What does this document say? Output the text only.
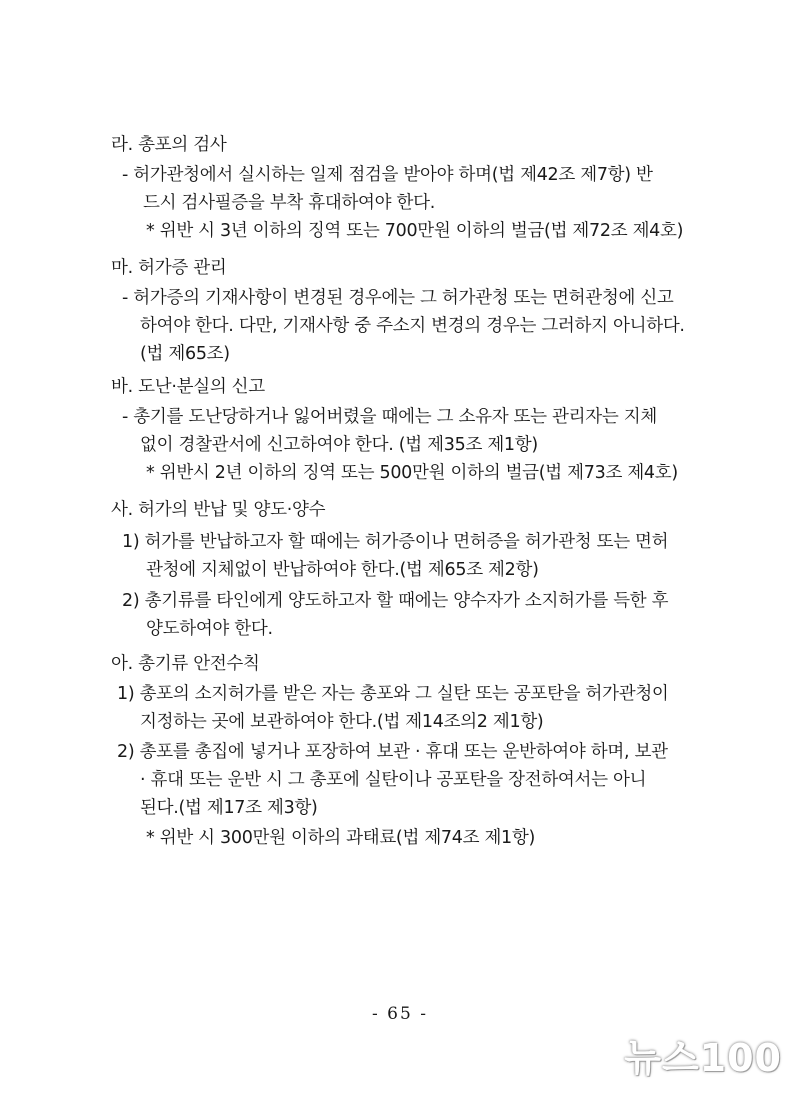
라. 총포의 검사
- 허가관청에서 실시하는 일제 점검을 받아야 하며(법 제42조 제7항) 반
드시 검사필증을 부착 휴대하여야 한다.
* 위반 시 3년 이하의 징역 또는 700만원 이하의 벌금(법 제72조 제4호)
마. 허가증 관리
- 허가증의 기재사항이 변경된 경우에는 그 허가관청 또는 면허관청에 신고
하여야 한다. 다만, 기재사항 중 주소지 변경의 경우는 그러하지 아니하다.
(법 제65조)
바. 도난·분실의 신고
- 총기를 도난당하거나 잃어버렸을 때에는 그 소유자 또는 관리자는 지체
없이 경찰관서에 신고하여야 한다. (법 제35조 제1항)
* 위반시 2년 이하의 징역 또는 500만원 이하의 벌금(법 제73조 제4호)
사. 허가의 반납 및 양도·양수
1) 허가를 반납하고자 할 때에는 허가증이나 면허증을 허가관청 또는 면허
관청에 지체없이 반납하여야 한다.(법 제65조 제2항)
2) 총기류를 타인에게 양도하고자 할 때에는 양수자가 소지허가를 득한 후
양도하여야 한다.
아. 총기류 안전수칙
1) 총포의 소지허가를 받은 자는 총포와 그 실탄 또는 공포탄을 허가관청이
지정하는 곳에 보관하여야 한다.(법 제14조의2 제1항)
2) 총포를 총집에 넣거나 포장하여 보관 · 휴대 또는 운반하여야 하며, 보관
· 휴대 또는 운반 시 그 총포에 실탄이나 공포탄을 장전하여서는 아니
된다.(법 제17조 제3항)
* 위반 시 300만원 이하의 과태료(법 제74조 제1항)
- 65 -
뉴스100
